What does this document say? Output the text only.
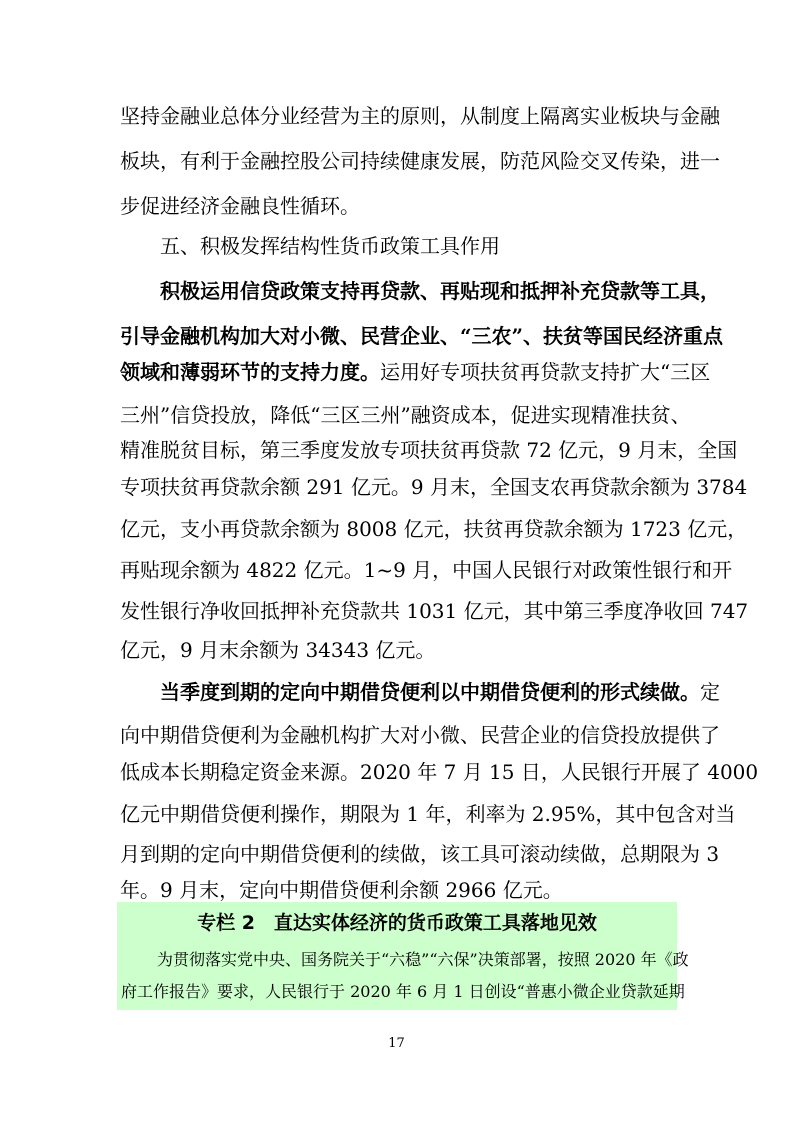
坚持金融业总体分业经营为主的原则，从制度上隔离实业板块与金融
板块，有利于金融控股公司持续健康发展，防范风险交叉传染，进一
步促进经济金融良性循环。
五、积极发挥结构性货币政策工具作用
积极运用信贷政策支持再贷款、再贴现和抵押补充贷款等工具，
引导金融机构加大对小微、民营企业、“三农”、扶贫等国民经济重点
领域和薄弱环节的支持力度。运用好专项扶贫再贷款支持扩大“三区
三州”信贷投放，降低“三区三州”融资成本，促进实现精准扶贫、
精准脱贫目标，第三季度发放专项扶贫再贷款 72 亿元，9 月末，全国
专项扶贫再贷款余额 291 亿元。9 月末，全国支农再贷款余额为 3784
亿元，支小再贷款余额为 8008 亿元，扶贫再贷款余额为 1723 亿元，
再贴现余额为 4822 亿元。1~9 月，中国人民银行对政策性银行和开
发性银行净收回抵押补充贷款共 1031 亿元，其中第三季度净收回 747
亿元，9 月末余额为 34343 亿元。
当季度到期的定向中期借贷便利以中期借贷便利的形式续做。定
向中期借贷便利为金融机构扩大对小微、民营企业的信贷投放提供了
低成本长期稳定资金来源。2020 年 7 月 15 日，人民银行开展了 4000
亿元中期借贷便利操作，期限为 1 年，利率为 2.95%，其中包含对当
月到期的定向中期借贷便利的续做，该工具可滚动续做，总期限为 3
年。9 月末，定向中期借贷便利余额 2966 亿元。
专栏 2　直达实体经济的货币政策工具落地见效
为贯彻落实党中央、国务院关于“六稳”“六保”决策部署，按照 2020 年《政
府工作报告》要求，人民银行于 2020 年 6 月 1 日创设“普惠小微企业贷款延期
17
